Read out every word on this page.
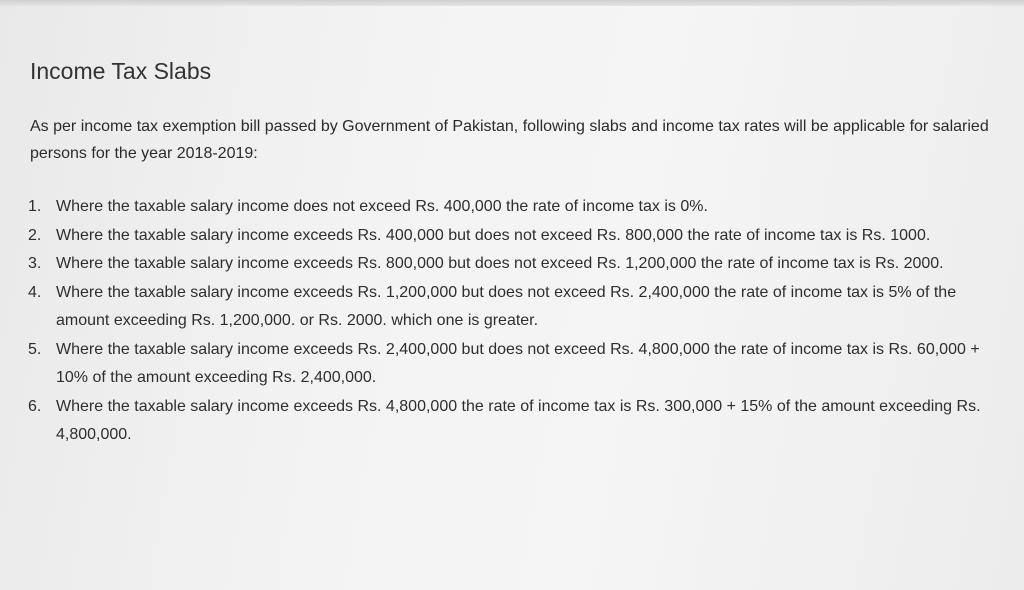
Income Tax Slabs

As per income tax exemption bill passed by Government of Pakistan, following slabs and income tax rates will be applicable for salaried persons for the year 2018-2019:

1. Where the taxable salary income does not exceed Rs. 400,000 the rate of income tax is 0%.
2. Where the taxable salary income exceeds Rs. 400,000 but does not exceed Rs. 800,000 the rate of income tax is Rs. 1000.
3. Where the taxable salary income exceeds Rs. 800,000 but does not exceed Rs. 1,200,000 the rate of income tax is Rs. 2000.
4. Where the taxable salary income exceeds Rs. 1,200,000 but does not exceed Rs. 2,400,000 the rate of income tax is 5% of the amount exceeding Rs. 1,200,000. or Rs. 2000. which one is greater.
5. Where the taxable salary income exceeds Rs. 2,400,000 but does not exceed Rs. 4,800,000 the rate of income tax is Rs. 60,000 + 10% of the amount exceeding Rs. 2,400,000.
6. Where the taxable salary income exceeds Rs. 4,800,000 the rate of income tax is Rs. 300,000 + 15% of the amount exceeding Rs. 4,800,000.
